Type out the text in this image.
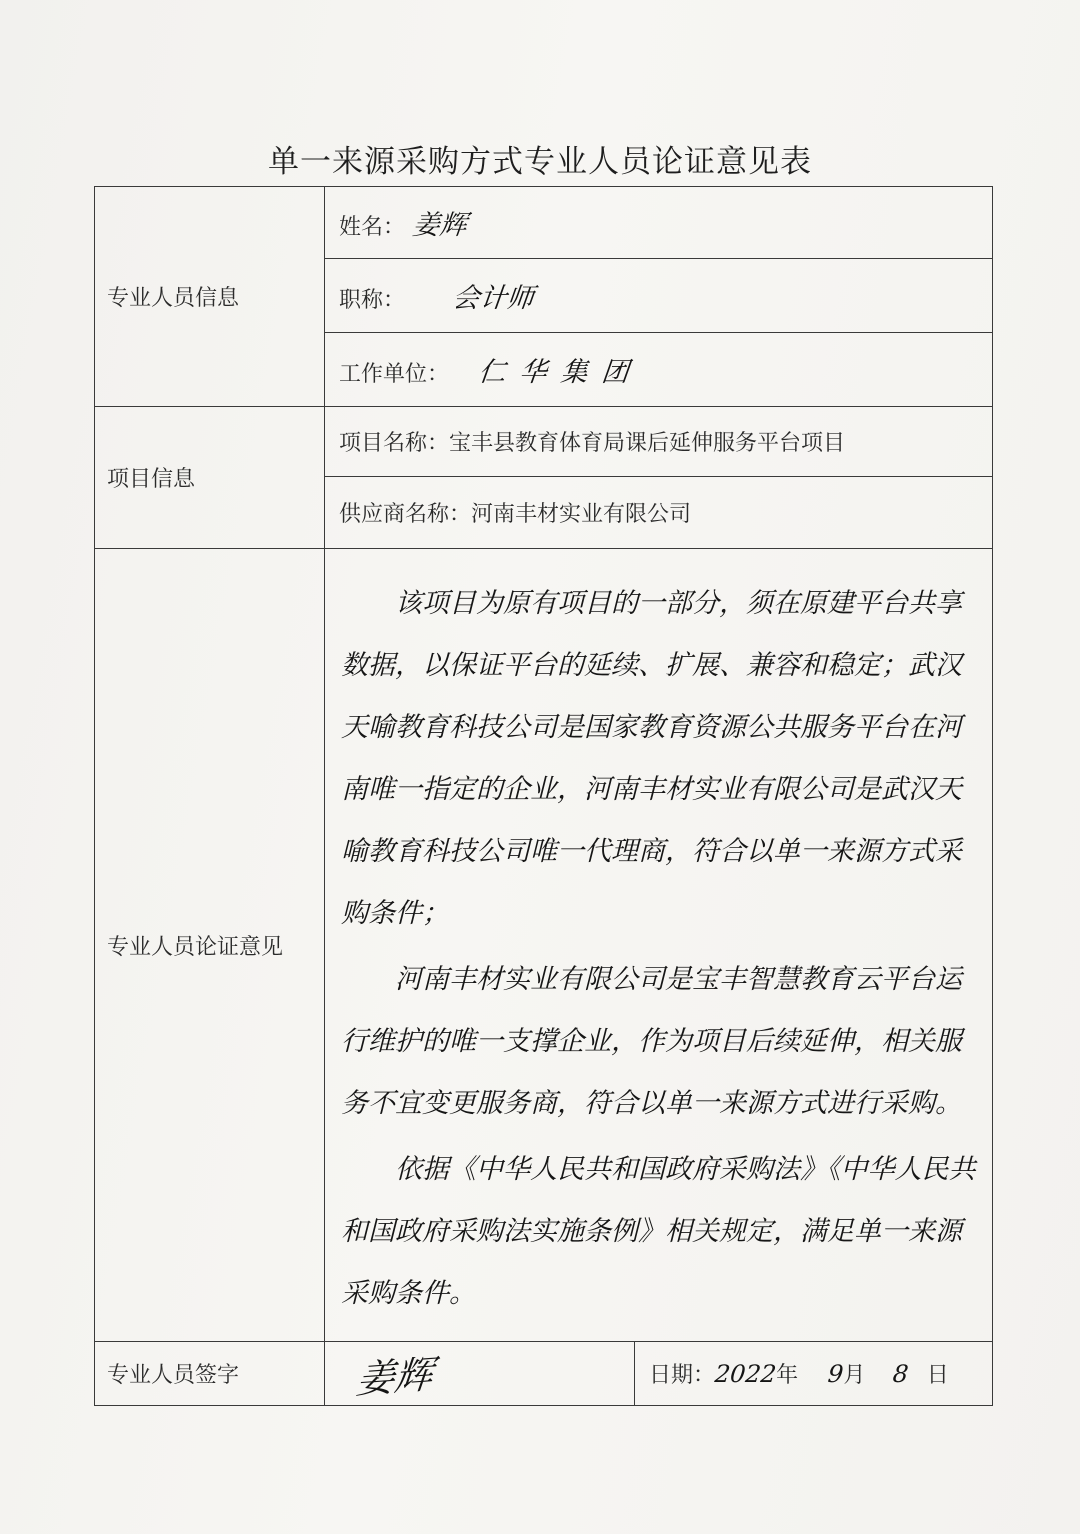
单一来源采购方式专业人员论证意见表
专业人员信息	姓名： 姜辉	
	职称： 会计师	
	工作单位： 仁华集团	
项目信息	项目名称：宝丰县教育体育局课后延伸服务平台项目	
	供应商名称：河南丰材实业有限公司	
专业人员论证意见	该项目为原有项目的一部分，须在原建平台共享数据，以保证平台的延续、扩展、兼容和稳定；武汉天喻教育科技公司是国家教育资源公共服务平台在河南唯一指定的企业，河南丰材实业有限公司是武汉天喻教育科技公司唯一代理商，符合以单一来源方式采购条件；

河南丰材实业有限公司是宝丰智慧教育云平台运行维护的唯一支撑企业，作为项目后续延伸，相关服务不宜变更服务商，符合以单一来源方式进行采购。

依据《中华人民共和国政府采购法》《中华人民共和国政府采购法实施条例》相关规定，满足单一来源采购条件。	

专业人员签字	姜辉	日期：2022年 9月 8 日
